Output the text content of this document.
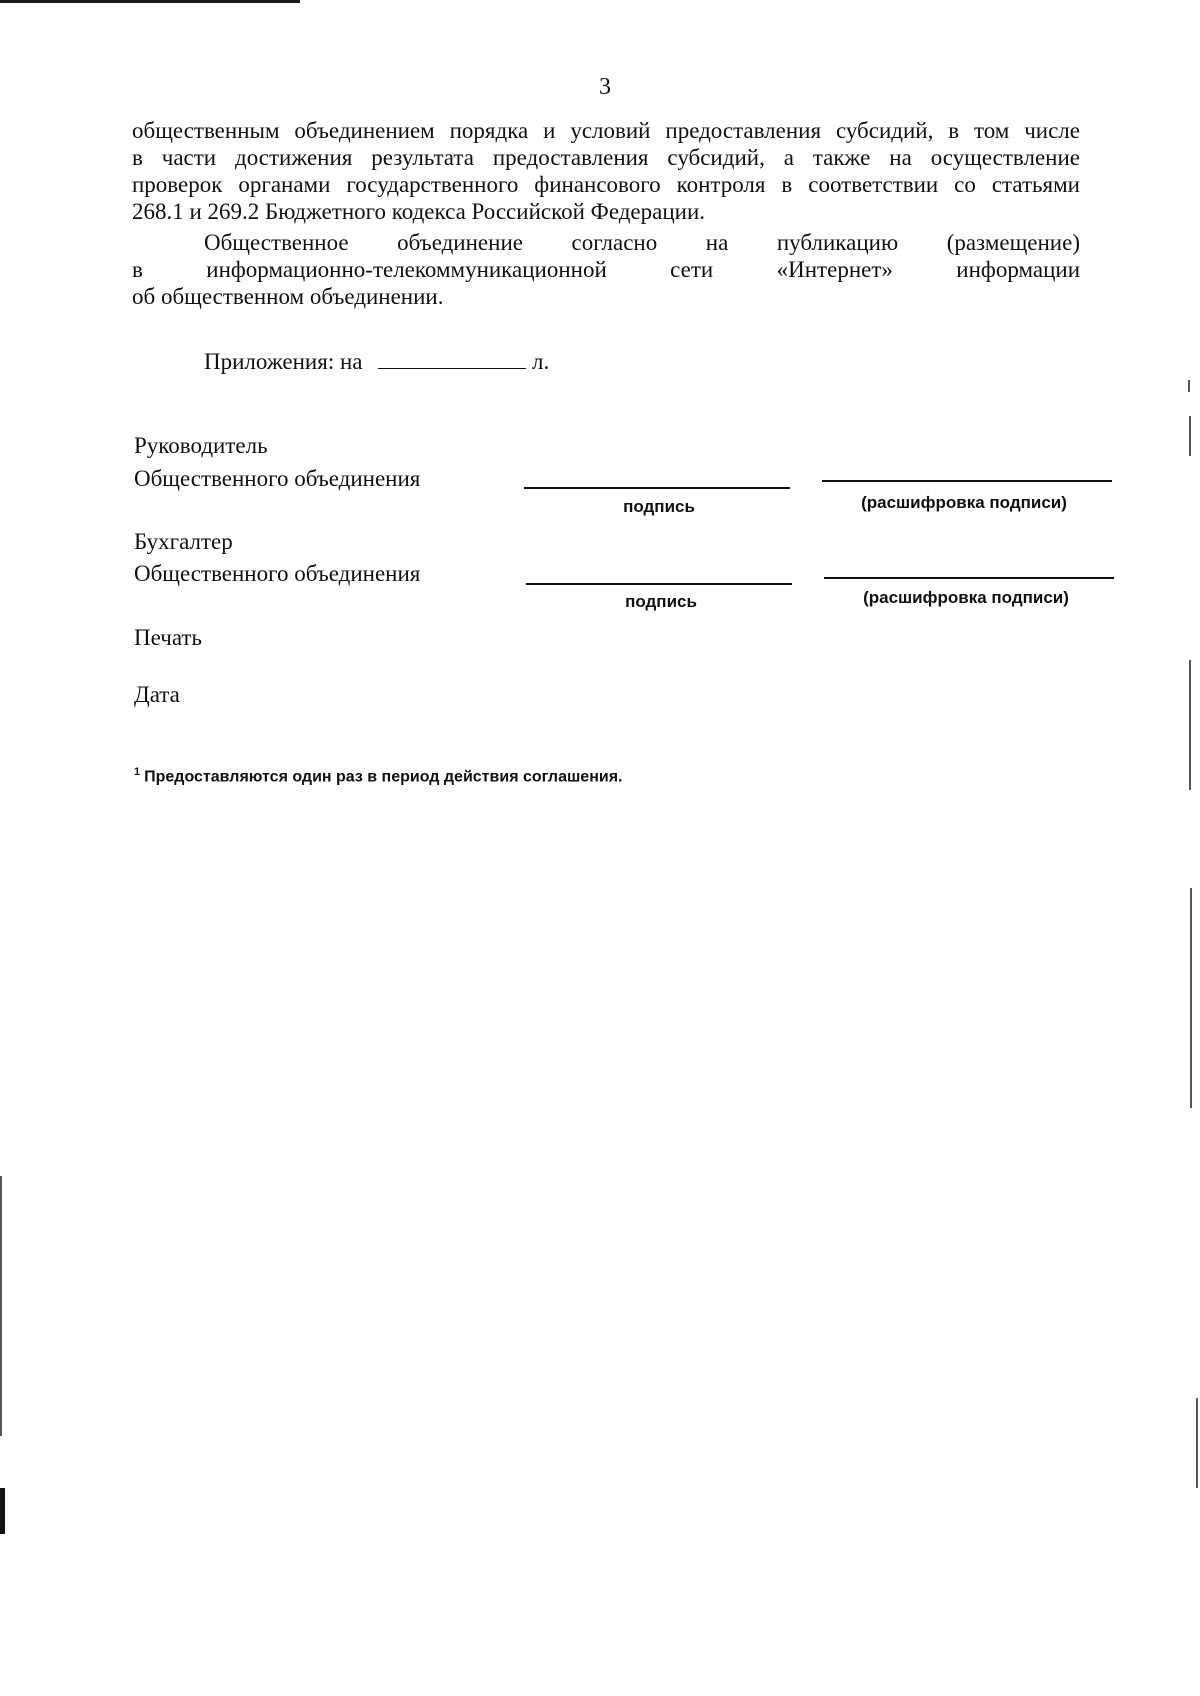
3
общественным объединением порядка и условий предоставления субсидий, в том числе
в части достижения результата предоставления субсидий, а также на осуществление
проверок органами государственного финансового контроля в соответствии со статьями
268.1 и 269.2 Бюджетного кодекса Российской Федерации.
Общественное объединение согласно на публикацию (размещение)
в информационно-телекоммуникационной сети «Интернет» информации
об общественном объединении.
Приложения: на	л.
Руководитель
Общественного объединения
подпись	(расшифровка подписи)
Бухгалтер
Общественного объединения
подпись	(расшифровка подписи)
Печать
Дата
$^1$ Предоставляются один раз в период действия соглашения.
